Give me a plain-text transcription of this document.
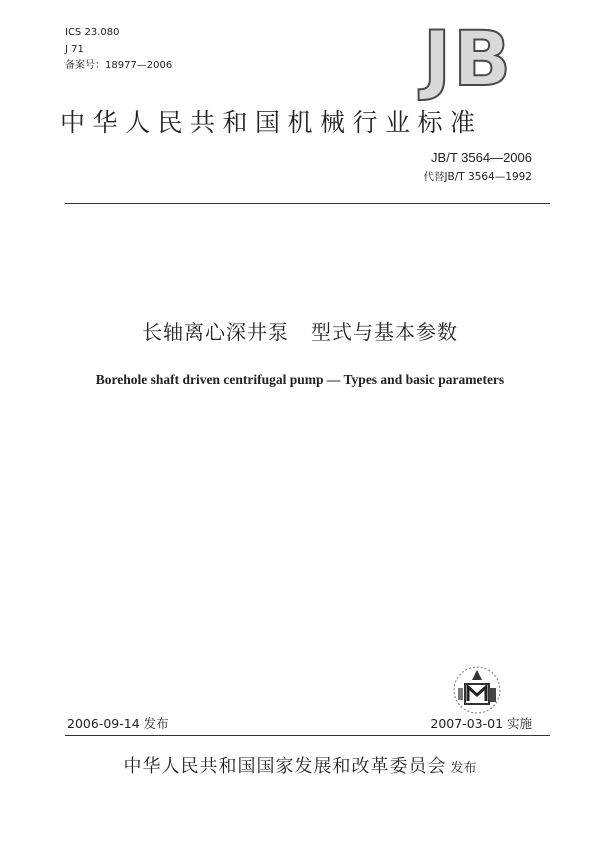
ICS 23.080
J 71
备案号：18977—2006	JB
中华人民共和国机械行业标准
JB/T 3564—2006
代替JB/T 3564—1992
长轴离心深井泵   型式与基本参数
Borehole shaft driven centrifugal pump — Types and basic parameters
2006-09-14 发布	2007-03-01 实施
中华人民共和国国家发展和改革委员会 发布
